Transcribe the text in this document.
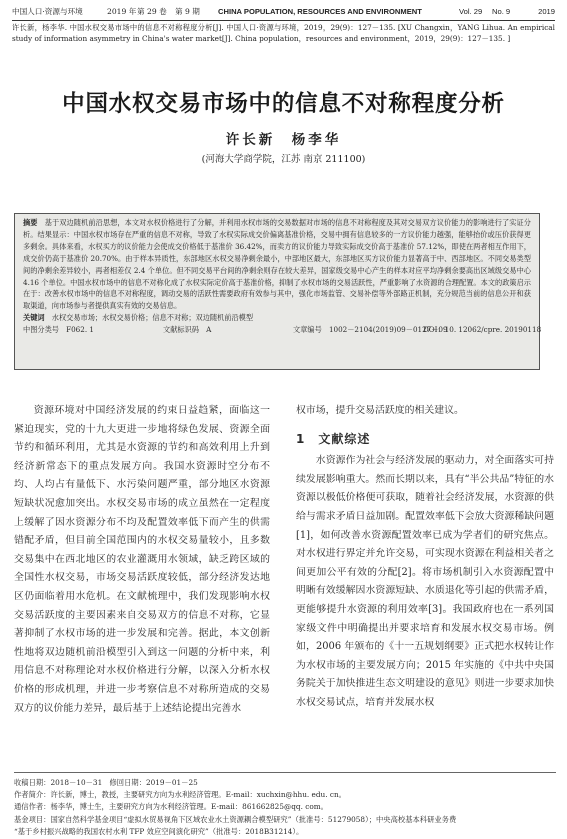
中国人口·资源与环境	2019 年 第 29 卷 第 9 期 CHINA POPULATION, RESOURCES AND ENVIRONMENT	Vol. 29 No. 9	2019
许长新，杨李华. 中国水权交易市场中的信息不对称程度分析[J]. 中国人口·资源与环境，2019，29(9)：127－135. [XU Changxin，YANG Lihua. An empirical study of information asymmetry in China's water market[J]. China population，resources and environment，2019，29(9)：127－135. ]
中国水权交易市场中的信息不对称程度分析
许长新　杨李华
(河海大学商学院，江苏 南京 211100)
摘要　 基于双边随机前沿思想，本文对水权价格进行了分解，并利用水权市场的交易数据对市场的信息不对称程度及其对交易双方议价能力的影响进行了实证分析。结果显示：中国水权市场存在严重的信息不对称，导致了水权实际成交价偏离基准价格，交易中拥有信息较多的一方议价能力越强，能够抬价或压价获得更多剩余。具体来看，水权买方的议价能力会使成交价格低于基准价 36.42%，而卖方的议价能力导致实际成交价高于基准价 57.12%，即使在两者相互作用下，成交价仍高于基准价 20.70%。由于样本异质性，东部地区水权交易净剩余最小，中部地区最大，东部地区买方议价能力显著高于中、西部地区。不同交易类型间的净剩余差异较小，再者相差仅 2.4 个单位。但不同交易平台间的净剩余则存在较大差异，国家级交易中心产生的样本对应平均净剩余要高出区域级交易中心 4.16 个单位。中国水权市场中的信息不对称化成了水权实际定价高于基准价格，抑制了水权市场的交易活跃性，严重影响了水资源的合理配置。本文的政策启示在于：改善水权市场中的信息不对称程度，调动交易的活跃性需要政府有效参与其中，强化市场监管、交易补偿等外部路正机制，充分规范当前的信息公开和获取渠道，向市场参与者提供真实有效的交易信息。
关键词　 水权交易市场；水权交易价格；信息不对称；双边随机前沿模型
中图分类号　F062. 1	文献标识码　A	文章编号　1002－2104(2019)09－0127－09
DOI：10. 12062/cpre. 20190118

资源环境对中国经济发展的约束日益趋紧，面临这一紧迫现实，党的十九大更进一步地将绿色发展、资源全面节约和循环利用，尤其是水资源的节约和高效利用上升到经济新常态下的重点发展方向。我国水资源时空分布不均、人均占有量低下、水污染问题严重，部分地区水资源短缺状况愈加突出。水权交易市场的成立虽然在一定程度上缓解了因水资源分布不均及配置效率低下而产生的供需错配矛盾，但目前全国范围内的水权交易量较小，且多数交易集中在西北地区的农业灌溉用水领域，缺乏跨区域的全国性水权交易，市场交易活跃度较低，部分经济发达地区仍面临着用水危机。在文献梳理中，我们发现影响水权交易活跃度的主要因素来自交易双方的信息不对称，它显著抑制了水权市场的进一步发展和完善。据此，本文创新性地将双边随机前沿模型引入到这一问题的分析中来，利用信息不对称理论对水权价格进行分解，以深入分析水权价格的形成机理，并进一步考察信息不对称所造成的交易双方的议价能力差异，最后基于上述结论提出完善水

权市场，提升交易活跃度的相关建议。

1　文献综述

水资源作为社会与经济发展的驱动力，对全面落实可持续发展影响重大。然而长期以来，具有“半公共品”特征的水资源以极低价格便可获取，随着社会经济发展，水资源的供给与需求矛盾日益加剧。配置效率低下会放大资源稀缺问题[1]，如何改善水资源配置效率已成为学者们的研究焦点。对水权进行界定并允许交易，可实现水资源在利益相关者之间更加公平有效的分配[2]。将市场机制引入水资源配置中明晰有效缓解因水资源短缺、水质退化等引起的供需矛盾，更能够提升水资源的利用效率[3]。我国政府也在一系列国家级文件中明确提出并要求培育和发展水权交易市场。例如，2006 年颁布的《十一五规划纲要》正式把水权转让作为水权市场的主要发展方向；2015 年实施的《中共中央国务院关于加快推进生态文明建设的意见》则进一步要求加快水权交易试点，培育并发展水权

收稿日期：2018－10－31　修回日期：2019－01－25
作者简介：许长新，博士，教授，主要研究方向为水利经济管理。E-mail：xuchxin@hhu. edu. cn。
通信作者：杨李华，博士生，主要研究方向为水利经济管理。E-mail：861662825@qq. com。
基金项目：国家自然科学基金项目“虚拟水贸易视角下区域农业水土资源耦合模型研究”（批准号：51279058）；中央高校基本科研业务费
“基于乡村振兴战略的我国农村水利 TFP 效应空间演化研究”（批准号：2018B31214）。
